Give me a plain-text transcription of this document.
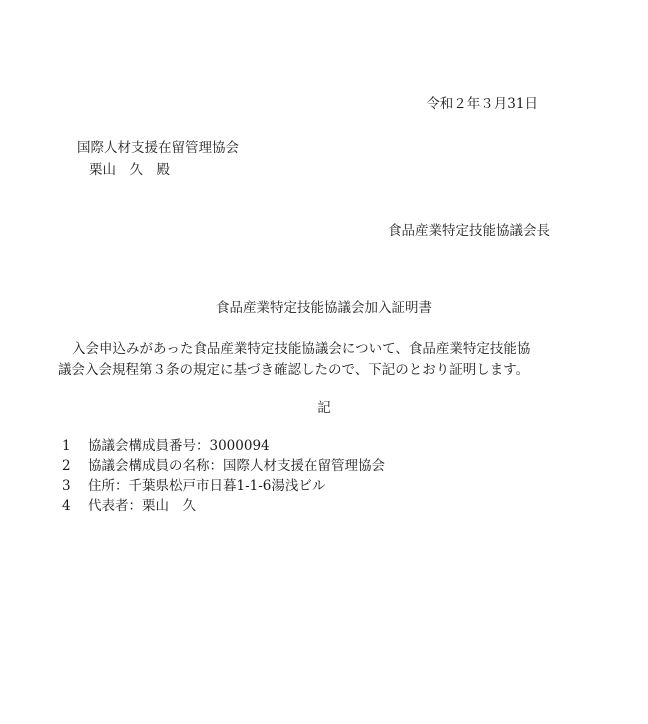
令和２年３月31日
国際人材支援在留管理協会
栗山　久　殿
食品産業特定技能協議会長
食品産業特定技能協議会加入証明書
入会申込みがあった食品産業特定技能協議会について、食品産業特定技能協
議会入会規程第３条の規定に基づき確認したので、下記のとおり証明します。
記
1 協議会構成員番号：3000094
2 協議会構成員の名称：国際人材支援在留管理協会
3 住所：千葉県松戸市日暮1-1-6湯浅ビル
4 代表者：栗山　久
